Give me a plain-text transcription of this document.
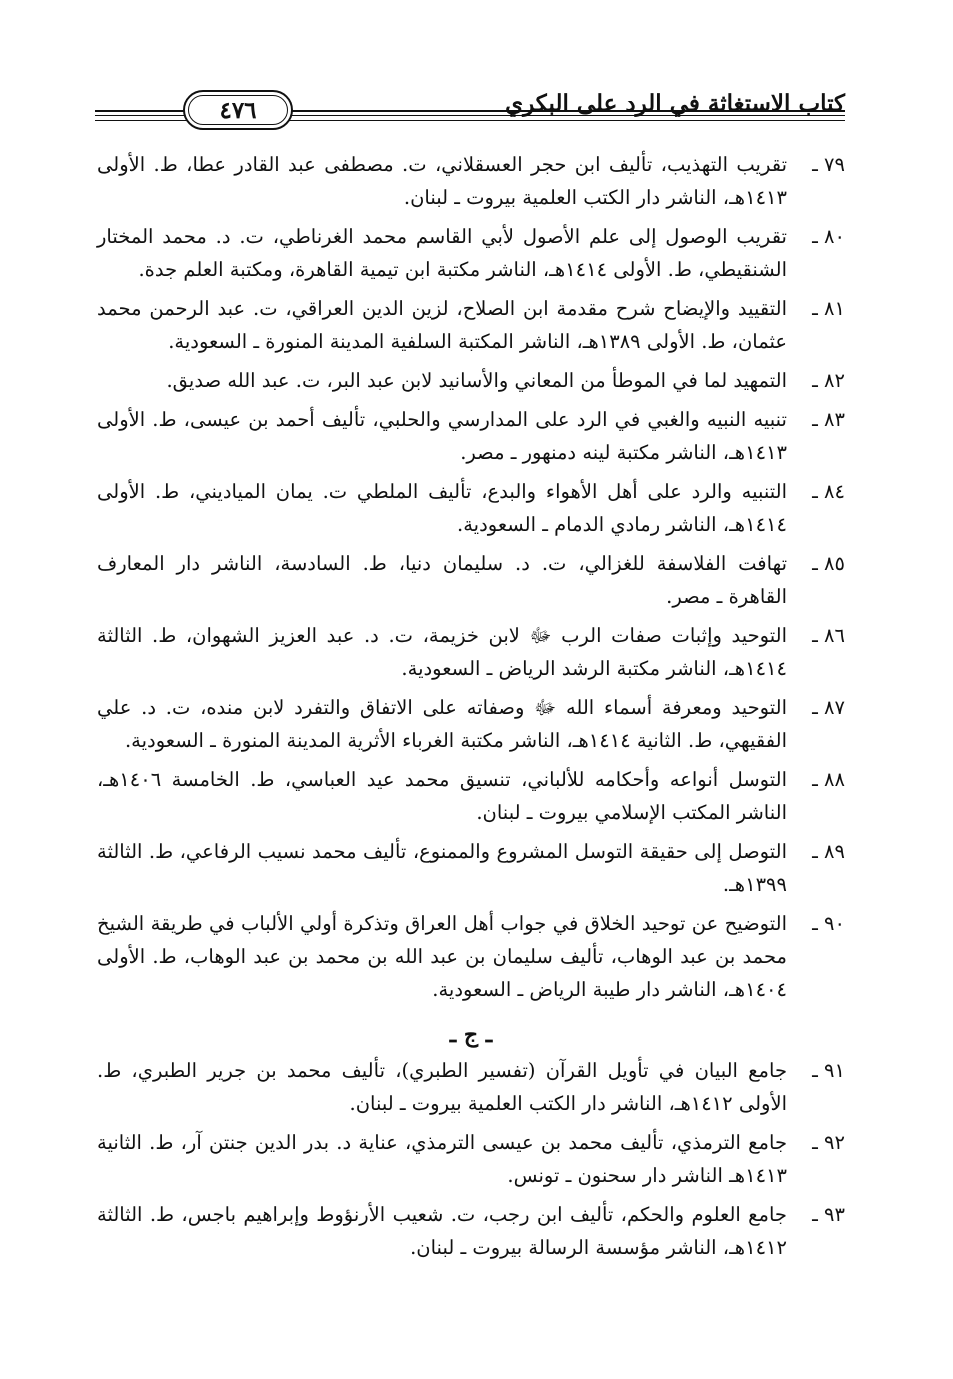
كتاب الاستغاثة في الرد على البكري
٤٧٦
٧٩ ـ
تقريب التهذيب، تأليف ابن حجر العسقلاني، ت. مصطفى عبد القادر عطا، ط. الأولى ١٤١٣هـ، الناشر دار الكتب العلمية بيروت ـ لبنان.
٨٠ ـ
تقريب الوصول إلى علم الأصول لأبي القاسم محمد الغرناطي، ت. د. محمد المختار الشنقيطي، ط. الأولى ١٤١٤هـ، الناشر مكتبة ابن تيمية القاهرة، ومكتبة العلم جدة.
٨١ ـ
التقييد والإيضاح شرح مقدمة ابن الصلاح، لزين الدين العراقي، ت. عبد الرحمن محمد عثمان، ط. الأولى ١٣٨٩هـ، الناشر المكتبة السلفية المدينة المنورة ـ السعودية.
٨٢ ـ
التمهيد لما في الموطأ من المعاني والأسانيد لابن عبد البر، ت. عبد الله صديق.
٨٣ ـ
تنبيه النبيه والغبي في الرد على المدارسي والحلبي، تأليف أحمد بن عيسى، ط. الأولى ١٤١٣هـ، الناشر مكتبة لينه دمنهور ـ مصر.
٨٤ ـ
التنبيه والرد على أهل الأهواء والبدع، تأليف الملطي ت. يمان المياديني، ط. الأولى ١٤١٤هـ، الناشر رمادي الدمام ـ السعودية.
٨٥ ـ
تهافت الفلاسفة للغزالي، ت. د. سليمان دنيا، ط. السادسة، الناشر دار المعارف القاهرة ـ مصر.
٨٦ ـ
التوحيد وإثبات صفات الرب ﷻ لابن خزيمة، ت. د. عبد العزيز الشهوان، ط. الثالثة ١٤١٤هـ، الناشر مكتبة الرشد الرياض ـ السعودية.
٨٧ ـ
التوحيد ومعرفة أسماء الله ﷻ وصفاته على الاتفاق والتفرد لابن منده، ت. د. علي الفقيهي، ط. الثانية ١٤١٤هـ، الناشر مكتبة الغرباء الأثرية المدينة المنورة ـ السعودية.
٨٨ ـ
التوسل أنواعه وأحكامه للألباني، تنسيق محمد عيد العباسي، ط. الخامسة ١٤٠٦هـ، الناشر المكتب الإسلامي بيروت ـ لبنان.
٨٩ ـ
التوصل إلى حقيقة التوسل المشروع والممنوع، تأليف محمد نسيب الرفاعي، ط. الثالثة ١٣٩٩هـ.
٩٠ ـ
التوضيح عن توحيد الخلاق في جواب أهل العراق وتذكرة أولي الألباب في طريقة الشيخ محمد بن عبد الوهاب، تأليف سليمان بن عبد الله بن محمد بن عبد الوهاب، ط. الأولى ١٤٠٤هـ، الناشر دار طيبة الرياض ـ السعودية.
ـ ج ـ
٩١ ـ
جامع البيان في تأويل القرآن (تفسير الطبري)، تأليف محمد بن جرير الطبري، ط. الأولى ١٤١٢هـ، الناشر دار الكتب العلمية بيروت ـ لبنان.
٩٢ ـ
جامع الترمذي، تأليف محمد بن عيسى الترمذي، عناية د. بدر الدين جنتن آر، ط. الثانية ١٤١٣هـ الناشر دار سحنون ـ تونس.
٩٣ ـ
جامع العلوم والحكم، تأليف ابن رجب، ت. شعيب الأرنؤوط وإبراهيم باجس، ط. الثالثة ١٤١٢هـ، الناشر مؤسسة الرسالة بيروت ـ لبنان.
